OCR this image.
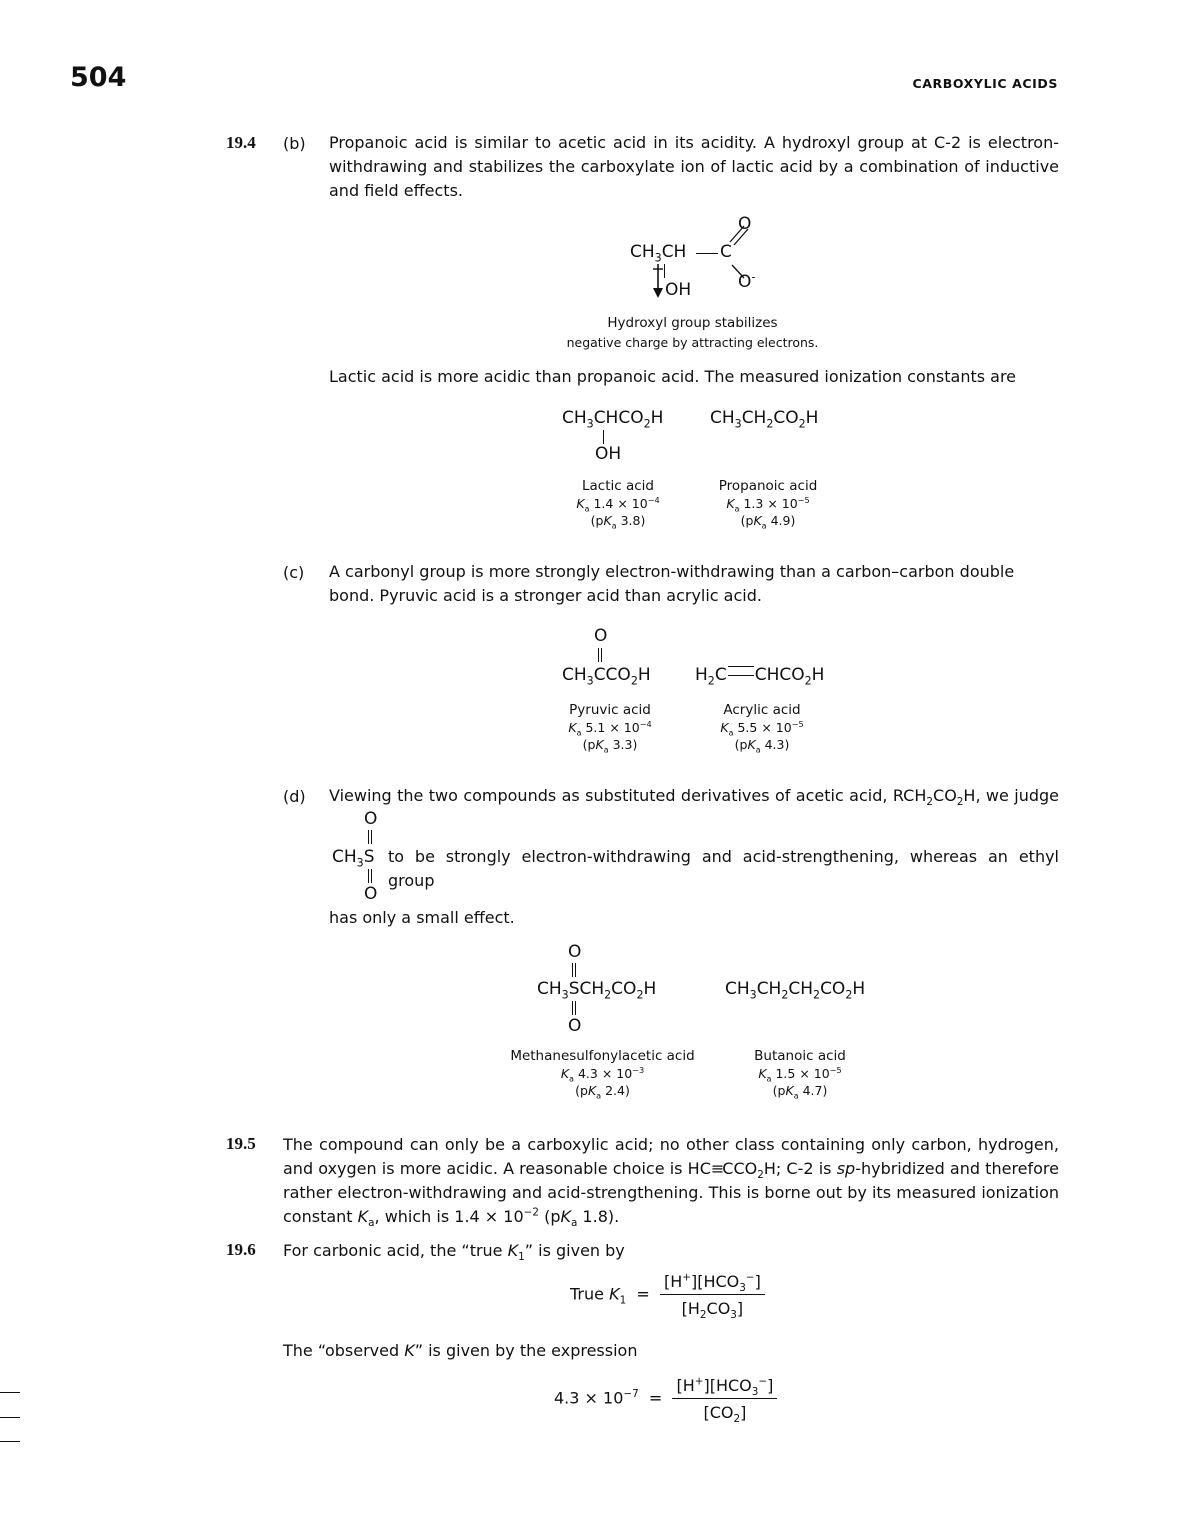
504	CARBOXYLIC ACIDS
19.4 (b) Propanoic acid is similar to acetic acid in its acidity. A hydroxyl group at C-2 is electron-withdrawing and stabilizes the carboxylate ion of lactic acid by a combination of inductive and field effects.
$CH_3CH$ C
O
O-
OH
Hydroxyl group stabilizes
negative charge by attracting electrons.
Lactic acid is more acidic than propanoic acid. The measured ionization constants are
$CH_3CHCO_2H$
OH
$CH_3CH_2CO_2H$
Lactic acid
$K_a$ $1.4 \times 10^{-4}$
($pK_a$ 3.8)
Propanoic acid
$K_a$ $1.3 \times 10^{-5}$
($pK_a$ 4.9)
(c) A carbonyl group is more strongly electron-withdrawing than a carbon–carbon double bond. Pyruvic acid is a stronger acid than acrylic acid.
O
$CH_3CCO_2H$	$H_2C$ $CHCO_2H$
Pyruvic acid
$K_a$ $5.1 \times 10^{-4}$
($pK_a$ 3.3)
Acrylic acid
$K_a$ $5.5 \times 10^{-5}$
($pK_a$ 4.3)
(d) Viewing the two compounds as substituted derivatives of acetic acid, $RCH_2CO_2H$, we judge
O
$CH_3S$
O
to be strongly electron-withdrawing and acid-strengthening, whereas an ethyl group
has only a small effect.
O
$CH_3SCH_2CO_2H$
O
$CH_3CH_2CH_2CO_2H$
Methanesulfonylacetic acid
$K_a$ $4.3 \times 10^{-3}$
($pK_a$ 2.4)
Butanoic acid
$K_a$ $1.5 \times 10^{-5}$
($pK_a$ 4.7)
19.5 The compound can only be a carboxylic acid; no other class containing only carbon, hydrogen, and oxygen is more acidic. A reasonable choice is $HC\equiv CCO_2H$; C-2 is sp-hybridized and therefore rather electron-withdrawing and acid-strengthening. This is borne out by its measured ionization constant $K_a$, which is $1.4 \times 10^{-2}$ ($pK_a$ 1.8).
19.6 For carbonic acid, the “true $K_1$” is given by
True $K_1 = \frac{[H^+][HCO_3^-]}{[H_2CO_3]}$
The “observed K” is given by the expression
$4.3 \times 10^{-7} = \frac{[H^+][HCO_3^-]}{[CO_2]}$
